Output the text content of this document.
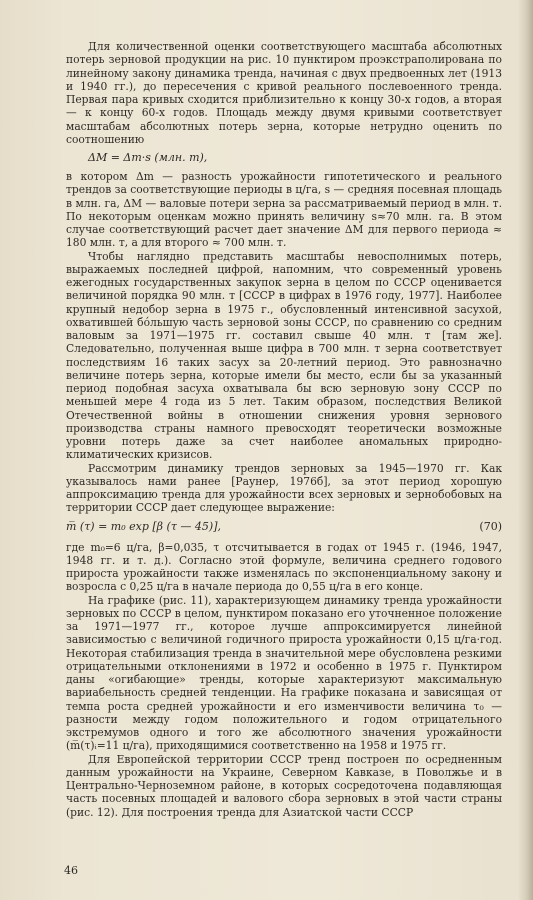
Для количественной оценки соответствующего масштаба абсолютных потерь зерновой продукции на рис. 10 пунктиром проэкстраполирована по линейному закону динамика тренда, начиная с двух предвоенных лет (1913 и 1940 гг.), до пересечения с кривой реального послевоенного тренда. Первая пара кривых сходится приблизительно к концу 30-х годов, а вторая — к концу 60-х годов. Площадь между двумя кривыми соответствует масштабам абсолютных потерь зерна, которые нетрудно оценить по соотношению

ΔM = Δm·s (млн. т),

в котором Δm — разность урожайности гипотетического и реального трендов за соответствующие периоды в ц/га, s — средняя посевная площадь в млн. га, ΔM — валовые потери зерна за рассматриваемый период в млн. т. По некоторым оценкам можно принять величину s≈70 млн. га. В этом случае соответствующий расчет дает значение ΔM для первого периода ≈ 180 млн. т, а для второго ≈ 700 млн. т.

Чтобы наглядно представить масштабы невосполнимых потерь, выражаемых последней цифрой, напомним, что современный уровень ежегодных государственных закупок зерна в целом по СССР оценивается величиной порядка 90 млн. т [СССР в цифрах в 1976 году, 1977]. Наиболее крупный недобор зерна в 1975 г., обусловленный интенсивной засухой, охватившей бóльшую часть зерновой зоны СССР, по сравнению со средним валовым за 1971—1975 гг. составил свыше 40 млн. т [там же]. Следовательно, полученная выше цифра в 700 млн. т зерна соответствует последствиям 16 таких засух за 20-летний период. Это равнозначно величине потерь зерна, которые имели бы место, если бы за указанный период подобная засуха охватывала бы всю зерновую зону СССР по меньшей мере 4 года из 5 лет. Таким образом, последствия Великой Отечественной войны в отношении снижения уровня зернового производства страны намного превосходят теоретически возможные уровни потерь даже за счет наиболее аномальных природно-климатических кризисов.

Рассмотрим динамику трендов зерновых за 1945—1970 гг. Как указывалось нами ранее [Раунер, 1976б], за этот период хорошую аппроксимацию тренда для урожайности всех зерновых и зернобобовых на территории СССР дает следующее выражение:

m̅ (τ) = m₀ exp [β (τ — 45)],	(70)

где m₀=6 ц/га, β=0,035, τ отсчитывается в годах от 1945 г. (1946, 1947, 1948 гг. и т. д.). Согласно этой формуле, величина среднего годового прироста урожайности также изменялась по экспоненциальному закону и возросла с 0,25 ц/га в начале периода до 0,55 ц/га в его конце.

На графике (рис. 11), характеризующем динамику тренда урожайности зерновых по СССР в целом, пунктиром показано его уточненное положение за 1971—1977 гг., которое лучше аппроксимируется линейной зависимостью с величиной годичного прироста урожайности 0,15 ц/га·год. Некоторая стабилизация тренда в значительной мере обусловлена резкими отрицательными отклонениями в 1972 и особенно в 1975 г. Пунктиром даны «огибающие» тренды, которые характеризуют максимальную вариабельность средней тенденции. На графике показана и зависящая от темпа роста средней урожайности и его изменчивости величина τ₀ — разности между годом положительного и годом отрицательного экстремумов одного и того же абсолютного значения урожайности (m̅(τ)ᵢ=11 ц/га), приходящимися соответственно на 1958 и 1975 гг.

Для Европейской территории СССР тренд построен по осредненным данным урожайности на Украине, Северном Кавказе, в Поволжье и в Центрально-Черноземном районе, в которых сосредоточена подавляющая часть посевных площадей и валового сбора зерновых в этой части страны (рис. 12). Для построения тренда для Азиатской части СССР

46
